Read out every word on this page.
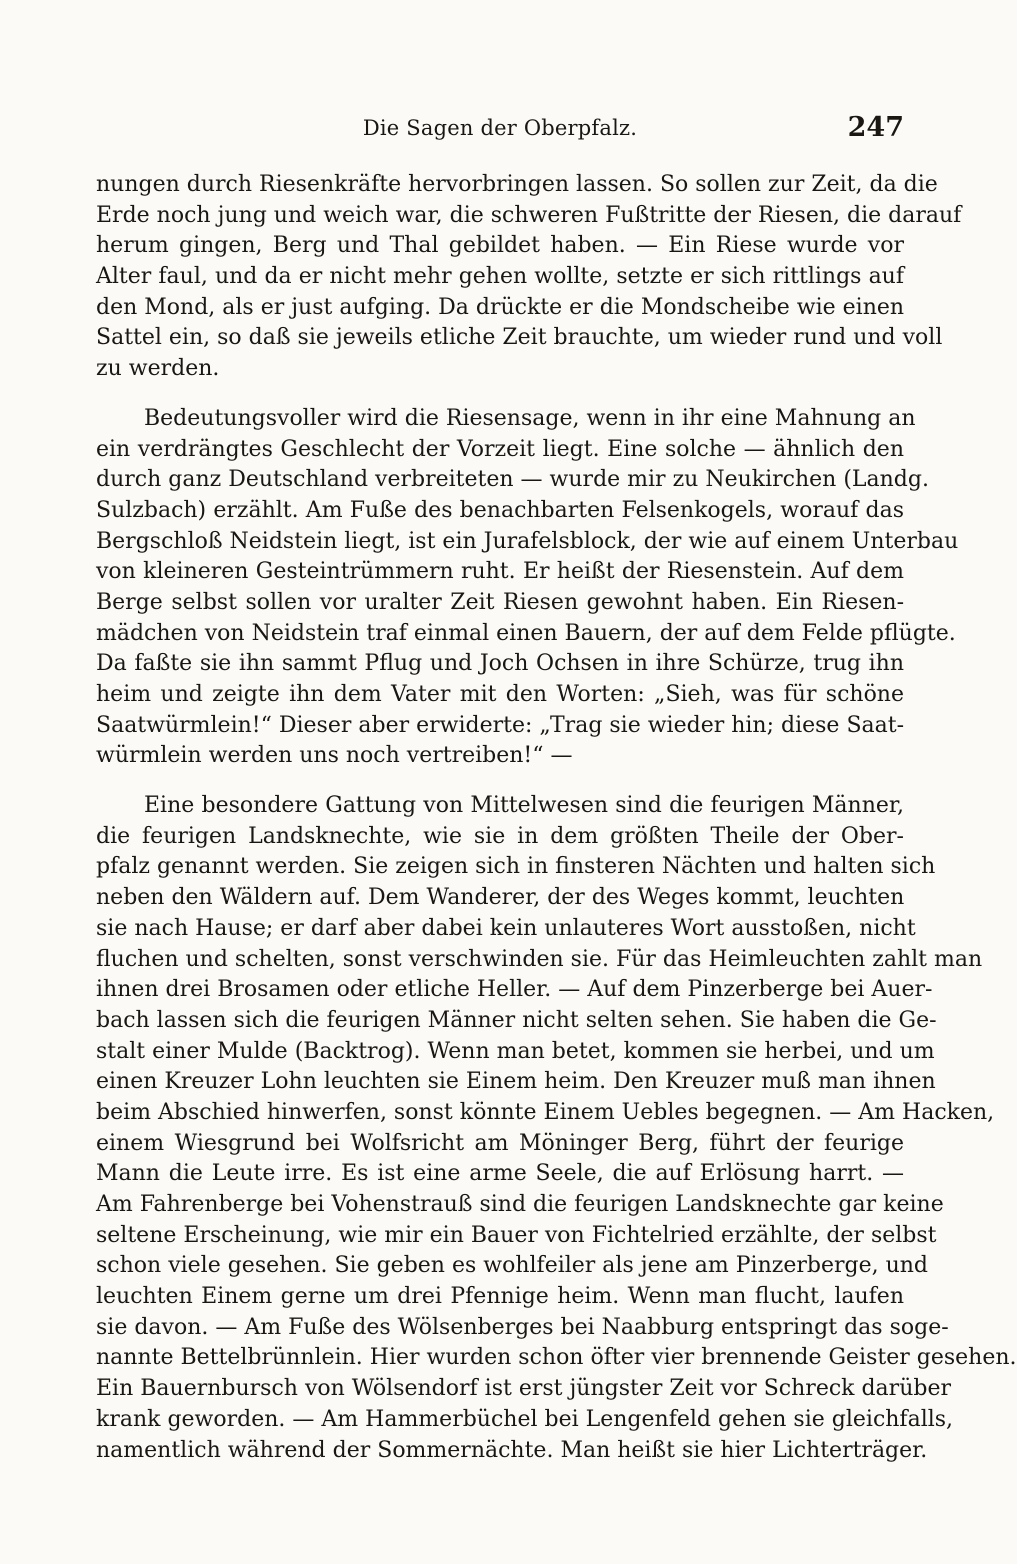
Die Sagen der Oberpfalz.	247
nungen durch Riesenkräfte hervorbringen lassen. So sollen zur Zeit, da die
Erde noch jung und weich war, die schweren Fußtritte der Riesen, die darauf
herum gingen, Berg und Thal gebildet haben. — Ein Riese wurde vor
Alter faul, und da er nicht mehr gehen wollte, setzte er sich rittlings auf
den Mond, als er just aufging. Da drückte er die Mondscheibe wie einen
Sattel ein, so daß sie jeweils etliche Zeit brauchte, um wieder rund und voll
zu werden.
Bedeutungsvoller wird die Riesensage, wenn in ihr eine Mahnung an
ein verdrängtes Geschlecht der Vorzeit liegt. Eine solche — ähnlich den
durch ganz Deutschland verbreiteten — wurde mir zu Neukirchen (Landg.
Sulzbach) erzählt. Am Fuße des benachbarten Felsenkogels, worauf das
Bergschloß Neidstein liegt, ist ein Jurafelsblock, der wie auf einem Unterbau
von kleineren Gesteintrümmern ruht. Er heißt der Riesenstein. Auf dem
Berge selbst sollen vor uralter Zeit Riesen gewohnt haben. Ein Riesen-
mädchen von Neidstein traf einmal einen Bauern, der auf dem Felde pflügte.
Da faßte sie ihn sammt Pflug und Joch Ochsen in ihre Schürze, trug ihn
heim und zeigte ihn dem Vater mit den Worten: „Sieh, was für schöne
Saatwürmlein!“ Dieser aber erwiderte: „Trag sie wieder hin; diese Saat-
würmlein werden uns noch vertreiben!“ —
Eine besondere Gattung von Mittelwesen sind die feurigen Männer,
die feurigen Landsknechte, wie sie in dem größten Theile der Ober-
pfalz genannt werden. Sie zeigen sich in finsteren Nächten und halten sich
neben den Wäldern auf. Dem Wanderer, der des Weges kommt, leuchten
sie nach Hause; er darf aber dabei kein unlauteres Wort ausstoßen, nicht
fluchen und schelten, sonst verschwinden sie. Für das Heimleuchten zahlt man
ihnen drei Brosamen oder etliche Heller. — Auf dem Pinzerberge bei Auer-
bach lassen sich die feurigen Männer nicht selten sehen. Sie haben die Ge-
stalt einer Mulde (Backtrog). Wenn man betet, kommen sie herbei, und um
einen Kreuzer Lohn leuchten sie Einem heim. Den Kreuzer muß man ihnen
beim Abschied hinwerfen, sonst könnte Einem Uebles begegnen. — Am Hacken,
einem Wiesgrund bei Wolfsricht am Möninger Berg, führt der feurige
Mann die Leute irre. Es ist eine arme Seele, die auf Erlösung harrt. —
Am Fahrenberge bei Vohenstrauß sind die feurigen Landsknechte gar keine
seltene Erscheinung, wie mir ein Bauer von Fichtelried erzählte, der selbst
schon viele gesehen. Sie geben es wohlfeiler als jene am Pinzerberge, und
leuchten Einem gerne um drei Pfennige heim. Wenn man flucht, laufen
sie davon. — Am Fuße des Wölsenberges bei Naabburg entspringt das soge-
nannte Bettelbrünnlein. Hier wurden schon öfter vier brennende Geister gesehen.
Ein Bauernbursch von Wölsendorf ist erst jüngster Zeit vor Schreck darüber
krank geworden. — Am Hammerbüchel bei Lengenfeld gehen sie gleichfalls,
namentlich während der Sommernächte. Man heißt sie hier Lichterträger.
